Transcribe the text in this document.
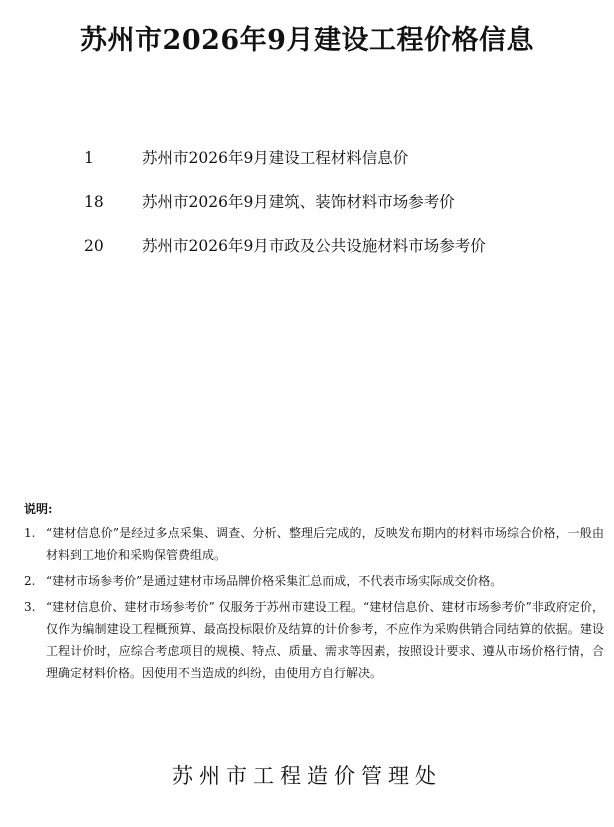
苏州市2026年9月建设工程价格信息
1	苏州市2026年9月建设工程材料信息价
18	苏州市2026年9月建筑、装饰材料市场参考价
20	苏州市2026年9月市政及公共设施材料市场参考价
说明:
1. “建材信息价”是经过多点采集、调查、分析、整理后完成的，反映发布期内的材料市场综合价格，一般由材料到工地价和采购保管费组成。
2. “建材市场参考价”是通过建材市场品牌价格采集汇总而成，不代表市场实际成交价格。
3. “建材信息价、建材市场参考价” 仅服务于苏州市建设工程。“建材信息价、建材市场参考价”非政府定价，仅作为编制建设工程概预算、最高投标限价及结算的计价参考，不应作为采购供销合同结算的依据。建设工程计价时，应综合考虑项目的规模、特点、质量、需求等因素，按照设计要求、遵从市场价格行情，合理确定材料价格。因使用不当造成的纠纷，由使用方自行解决。
苏州市工程造价管理处
